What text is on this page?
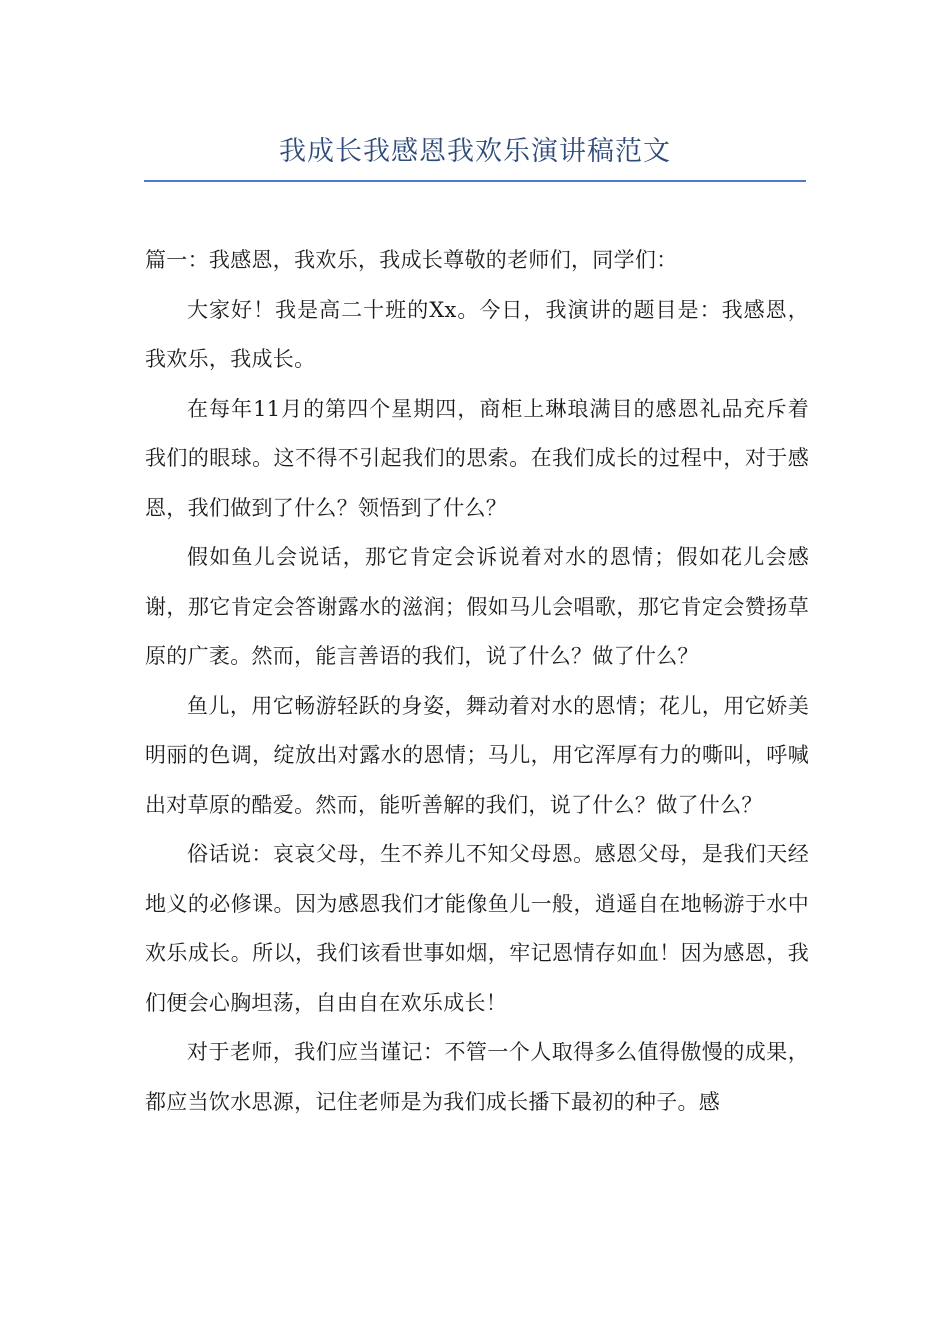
我成长我感恩我欢乐演讲稿范文

篇一：我感恩，我欢乐，我成长尊敬的老师们，同学们：

大家好！我是高二十班的Xx。今日，我演讲的题目是：我感恩，我欢乐，我成长。

在每年11月的第四个星期四，商柜上琳琅满目的感恩礼品充斥着我们的眼球。这不得不引起我们的思索。在我们成长的过程中，对于感恩，我们做到了什么？领悟到了什么？

假如鱼儿会说话，那它肯定会诉说着对水的恩情；假如花儿会感谢，那它肯定会答谢露水的滋润；假如马儿会唱歌，那它肯定会赞扬草原的广袤。然而，能言善语的我们，说了什么？做了什么？

鱼儿，用它畅游轻跃的身姿，舞动着对水的恩情；花儿，用它娇美明丽的色调，绽放出对露水的恩情；马儿，用它浑厚有力的嘶叫，呼喊出对草原的酷爱。然而，能听善解的我们，说了什么？做了什么？

俗话说：哀哀父母，生不养儿不知父母恩。感恩父母，是我们天经地义的必修课。因为感恩我们才能像鱼儿一般，逍遥自在地畅游于水中欢乐成长。所以，我们该看世事如烟，牢记恩情存如血！因为感恩，我们便会心胸坦荡，自由自在欢乐成长！

对于老师，我们应当谨记：不管一个人取得多么值得傲慢的成果，都应当饮水思源，记住老师是为我们成长播下最初的种子。感
